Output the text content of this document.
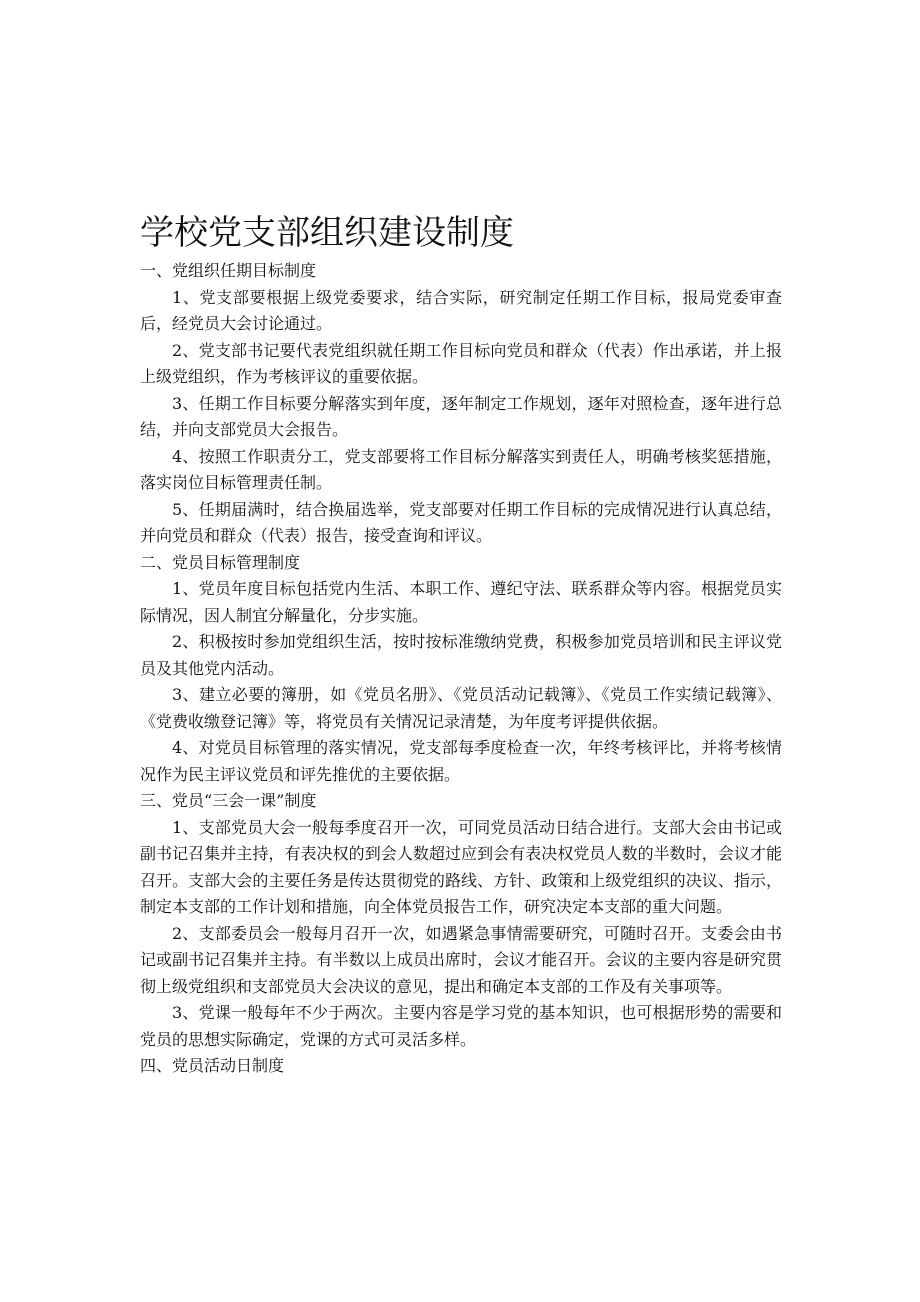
学校党支部组织建设制度

一、党组织任期目标制度

1、党支部要根据上级党委要求，结合实际，研究制定任期工作目标，报局党委审查后，经党员大会讨论通过。

2、党支部书记要代表党组织就任期工作目标向党员和群众（代表）作出承诺，并上报上级党组织，作为考核评议的重要依据。

3、任期工作目标要分解落实到年度，逐年制定工作规划，逐年对照检查，逐年进行总结，并向支部党员大会报告。

4、按照工作职责分工，党支部要将工作目标分解落实到责任人，明确考核奖惩措施，落实岗位目标管理责任制。

5、任期届满时，结合换届选举，党支部要对任期工作目标的完成情况进行认真总结，并向党员和群众（代表）报告，接受查询和评议。

二、党员目标管理制度

1、党员年度目标包括党内生活、本职工作、遵纪守法、联系群众等内容。根据党员实际情况，因人制宜分解量化，分步实施。

2、积极按时参加党组织生活，按时按标准缴纳党费，积极参加党员培训和民主评议党员及其他党内活动。

3、建立必要的簿册，如《党员名册》、《党员活动记载簿》、《党员工作实绩记载簿》、《党费收缴登记簿》等，将党员有关情况记录清楚，为年度考评提供依据。

4、对党员目标管理的落实情况，党支部每季度检查一次，年终考核评比，并将考核情况作为民主评议党员和评先推优的主要依据。

三、党员“三会一课”制度

1、支部党员大会一般每季度召开一次，可同党员活动日结合进行。支部大会由书记或副书记召集并主持，有表决权的到会人数超过应到会有表决权党员人数的半数时，会议才能召开。支部大会的主要任务是传达贯彻党的路线、方针、政策和上级党组织的决议、指示，制定本支部的工作计划和措施，向全体党员报告工作，研究决定本支部的重大问题。

2、支部委员会一般每月召开一次，如遇紧急事情需要研究，可随时召开。支委会由书记或副书记召集并主持。有半数以上成员出席时，会议才能召开。会议的主要内容是研究贯彻上级党组织和支部党员大会决议的意见，提出和确定本支部的工作及有关事项等。

3、党课一般每年不少于两次。主要内容是学习党的基本知识，也可根据形势的需要和党员的思想实际确定，党课的方式可灵活多样。

四、党员活动日制度
